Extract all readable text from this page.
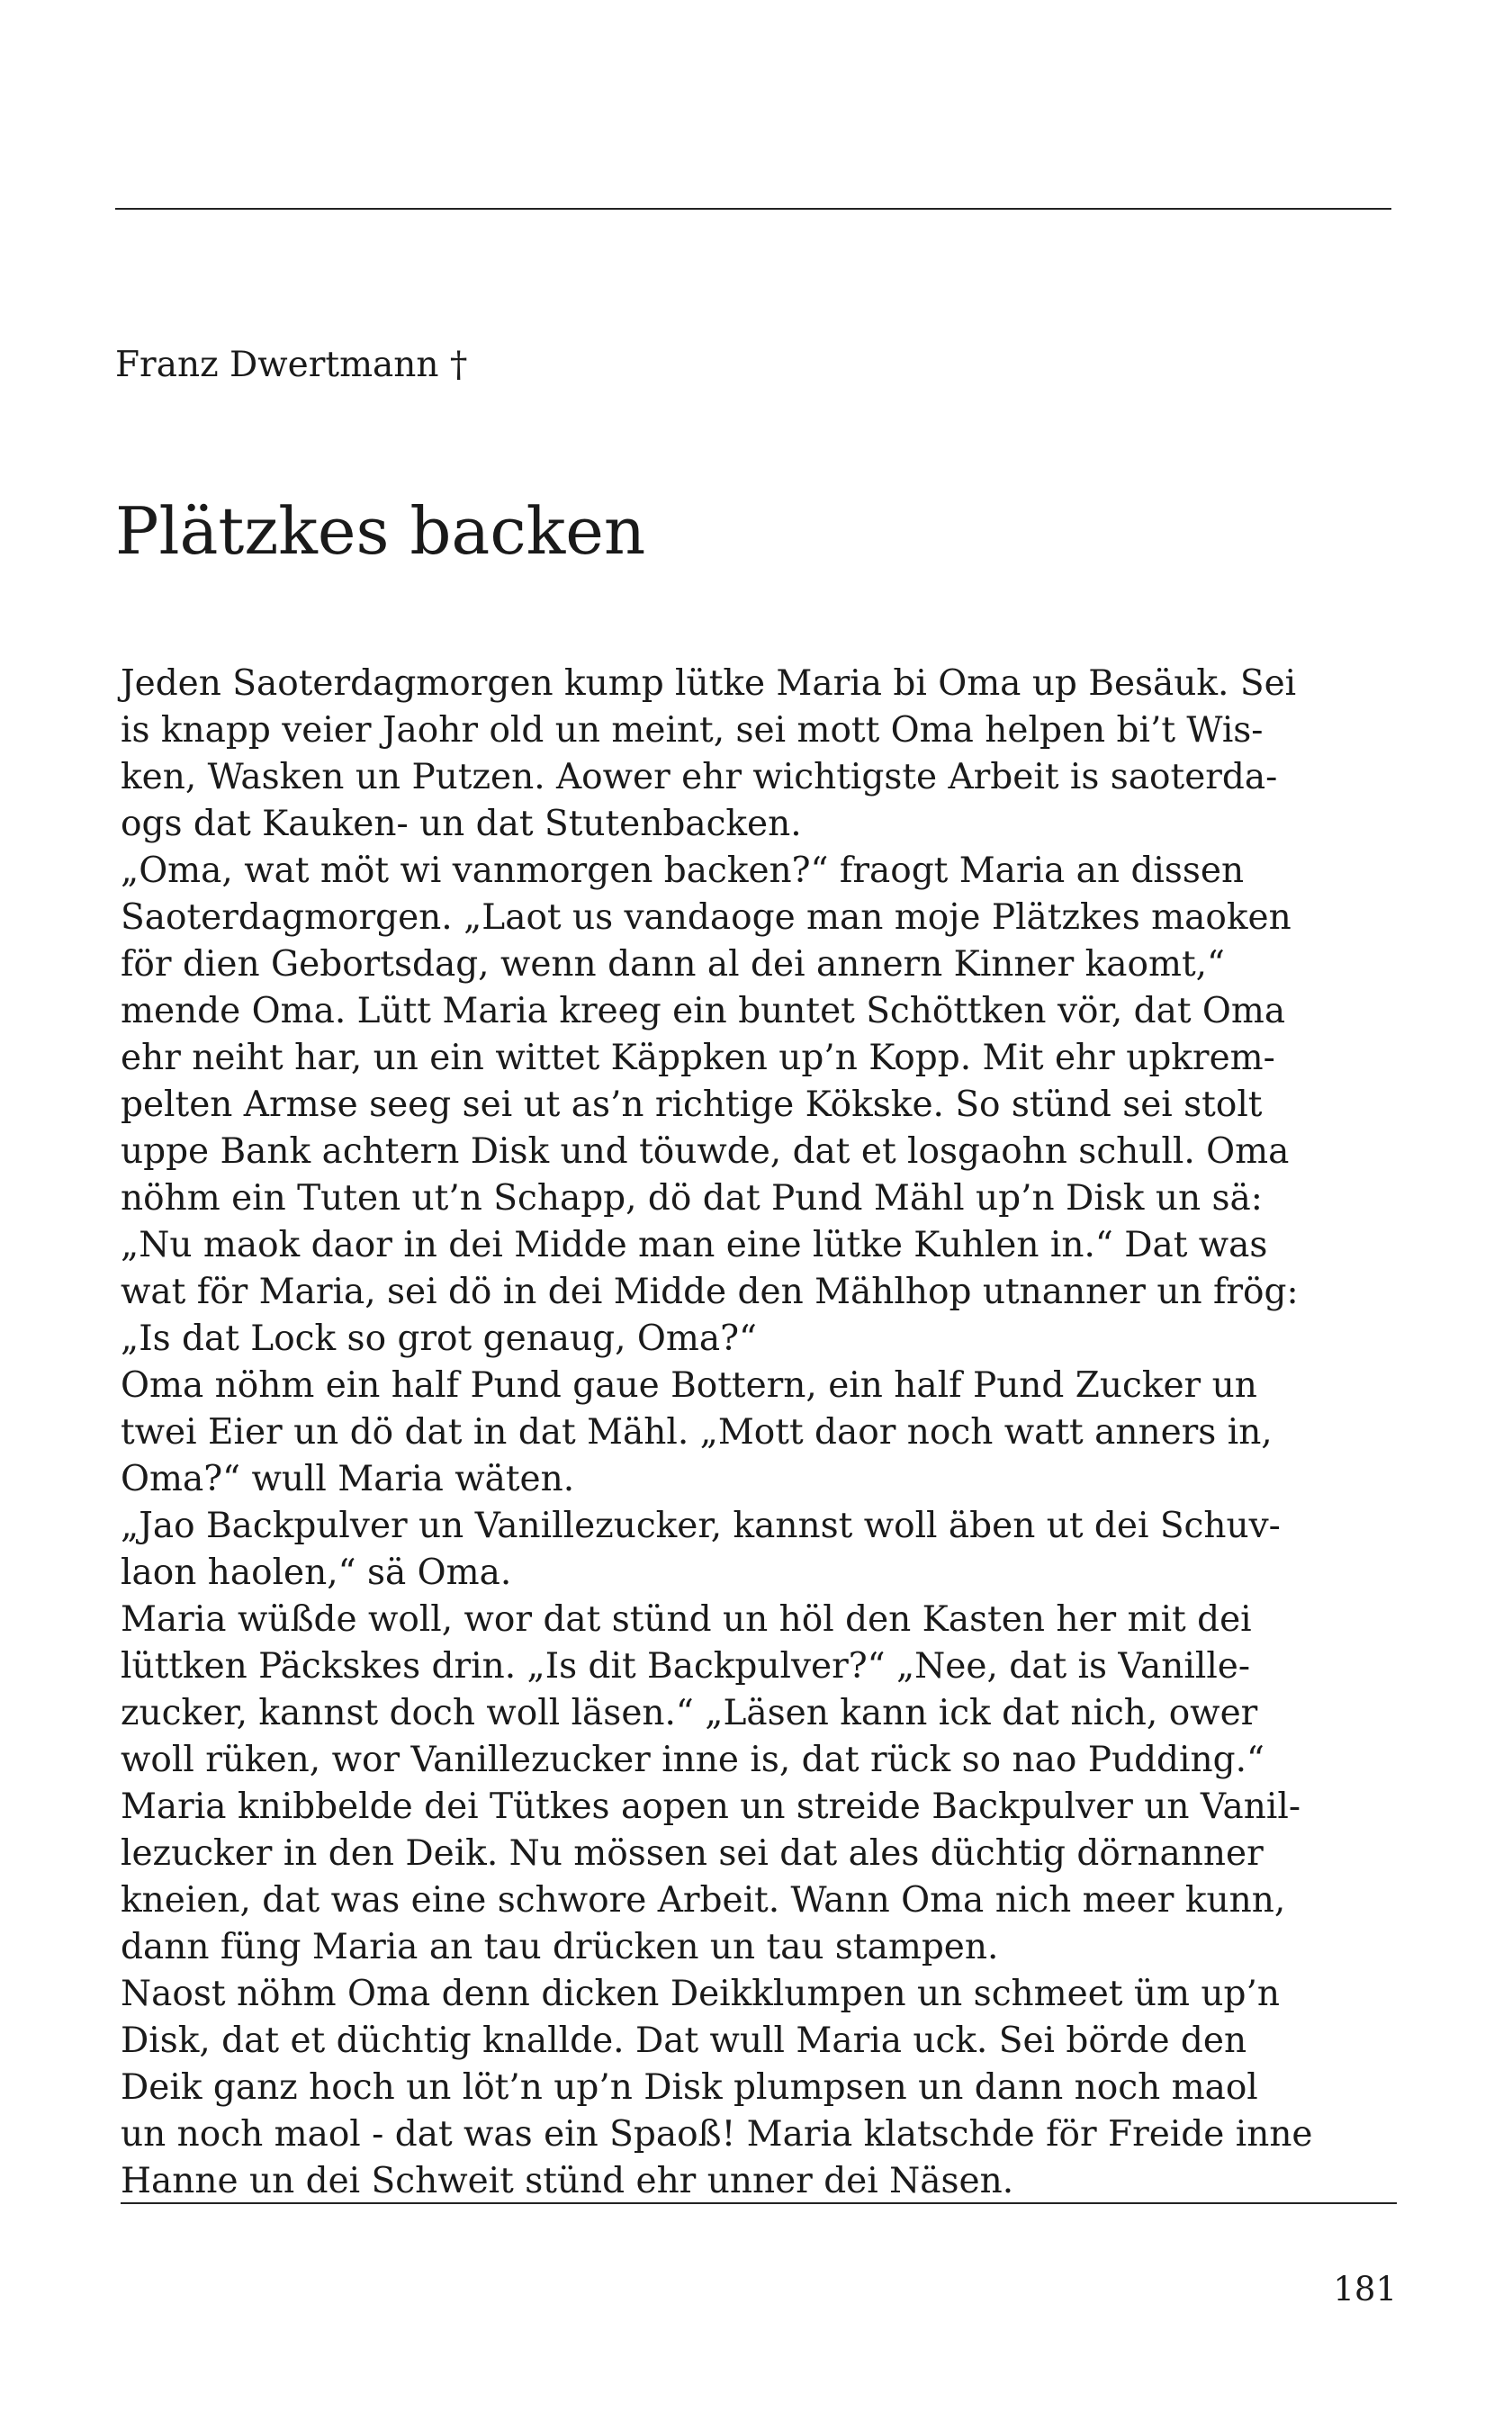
Franz Dwertmann †
Plätzkes backen
Jeden Saoterdagmorgen kump lütke Maria bi Oma up Besäuk. Sei
is knapp veier Jaohr old un meint, sei mott Oma helpen bi’t Wis-
ken, Wasken un Putzen. Aower ehr wichtigste Arbeit is saoterda-
ogs dat Kauken- un dat Stutenbacken.
„Oma, wat möt wi vanmorgen backen?“ fraogt Maria an dissen
Saoterdagmorgen. „Laot us vandaoge man moje Plätzkes maoken
för dien Gebortsdag, wenn dann al dei annern Kinner kaomt,“
mende Oma. Lütt Maria kreeg ein buntet Schöttken vör, dat Oma
ehr neiht har, un ein wittet Käppken up’n Kopp. Mit ehr upkrem-
pelten Armse seeg sei ut as’n richtige Kökske. So stünd sei stolt
uppe Bank achtern Disk und töuwde, dat et losgaohn schull. Oma
nöhm ein Tuten ut’n Schapp, dö dat Pund Mähl up’n Disk un sä:
„Nu maok daor in dei Midde man eine lütke Kuhlen in.“ Dat was
wat för Maria, sei dö in dei Midde den Mählhop utnanner un frög:
„Is dat Lock so grot genaug, Oma?“
Oma nöhm ein half Pund gaue Bottern, ein half Pund Zucker un
twei Eier un dö dat in dat Mähl. „Mott daor noch watt anners in,
Oma?“ wull Maria wäten.
„Jao Backpulver un Vanillezucker, kannst woll äben ut dei Schuv-
laon haolen,“ sä Oma.
Maria wüßde woll, wor dat stünd un höl den Kasten her mit dei
lüttken Päckskes drin. „Is dit Backpulver?“ „Nee, dat is Vanille-
zucker, kannst doch woll läsen.“ „Läsen kann ick dat nich, ower
woll rüken, wor Vanillezucker inne is, dat rück so nao Pudding.“
Maria knibbelde dei Tütkes aopen un streide Backpulver un Vanil-
lezucker in den Deik. Nu mössen sei dat ales düchtig dörnanner
kneien, dat was eine schwore Arbeit. Wann Oma nich meer kunn,
dann füng Maria an tau drücken un tau stampen.
Naost nöhm Oma denn dicken Deikklumpen un schmeet üm up’n
Disk, dat et düchtig knallde. Dat wull Maria uck. Sei börde den
Deik ganz hoch un löt’n up’n Disk plumpsen un dann noch maol
un noch maol - dat was ein Spaoß! Maria klatschde för Freide inne
Hanne un dei Schweit stünd ehr unner dei Näsen.
181
